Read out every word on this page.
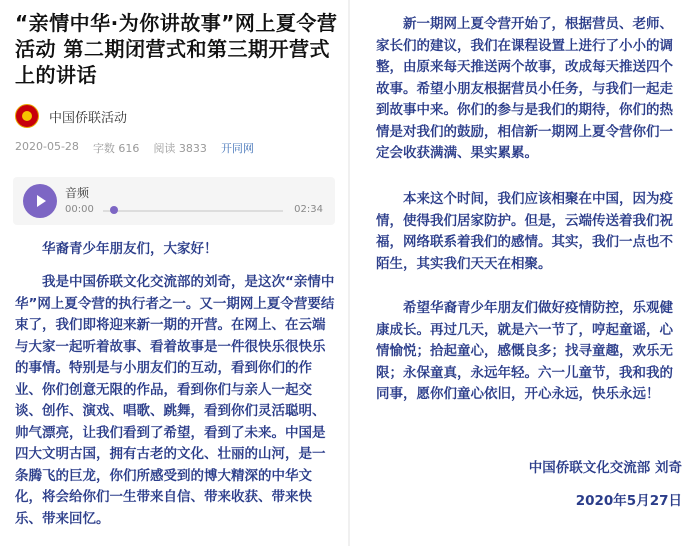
“亲情中华·为你讲故事”网上夏令营活动 第二期闭营式和第三期开营式上的讲话
中国侨联活动
2020-05-28 字数 616 阅读 3833 开同网
音频
00:00	02:34
华裔青少年朋友们，大家好！
我是中国侨联文化交流部的刘奇，是这次“亲情中华”网上夏令营的执行者之一。又一期网上夏令营要结束了，我们即将迎来新一期的开营。在网上、在云端与大家一起听着故事、看着故事是一件很快乐很快乐的事情。特别是与小朋友们的互动，看到你们的作业、你们创意无限的作品，看到你们与亲人一起交谈、创作、演戏、唱歌、跳舞，看到你们灵活聪明、帅气漂亮，让我们看到了希望，看到了未来。中国是四大文明古国，拥有古老的文化、壮丽的山河，是一条腾飞的巨龙，你们所感受到的博大精深的中华文化，将会给你们一生带来自信、带来收获、带来快乐、带来回忆。
新一期网上夏令营开始了，根据营员、老师、家长们的建议，我们在课程设置上进行了小小的调整，由原来每天推送两个故事，改成每天推送四个故事。希望小朋友根据营员小任务，与我们一起走到故事中来。你们的参与是我们的期待，你们的热情是对我们的鼓励，相信新一期网上夏令营你们一定会收获满满、果实累累。
本来这个时间，我们应该相聚在中国，因为疫情，使得我们居家防护。但是，云端传送着我们祝福，网络联系着我们的感情。其实，我们一点也不陌生，其实我们天天在相聚。
希望华裔青少年朋友们做好疫情防控，乐观健康成长。再过几天，就是六一节了，哼起童谣，心情愉悦；拾起童心，感慨良多；找寻童趣，欢乐无限；永保童真，永远年轻。六一儿童节，我和我的同事，愿你们童心依旧，开心永远，快乐永远！
中国侨联文化交流部 刘奇
2020年5月27日
